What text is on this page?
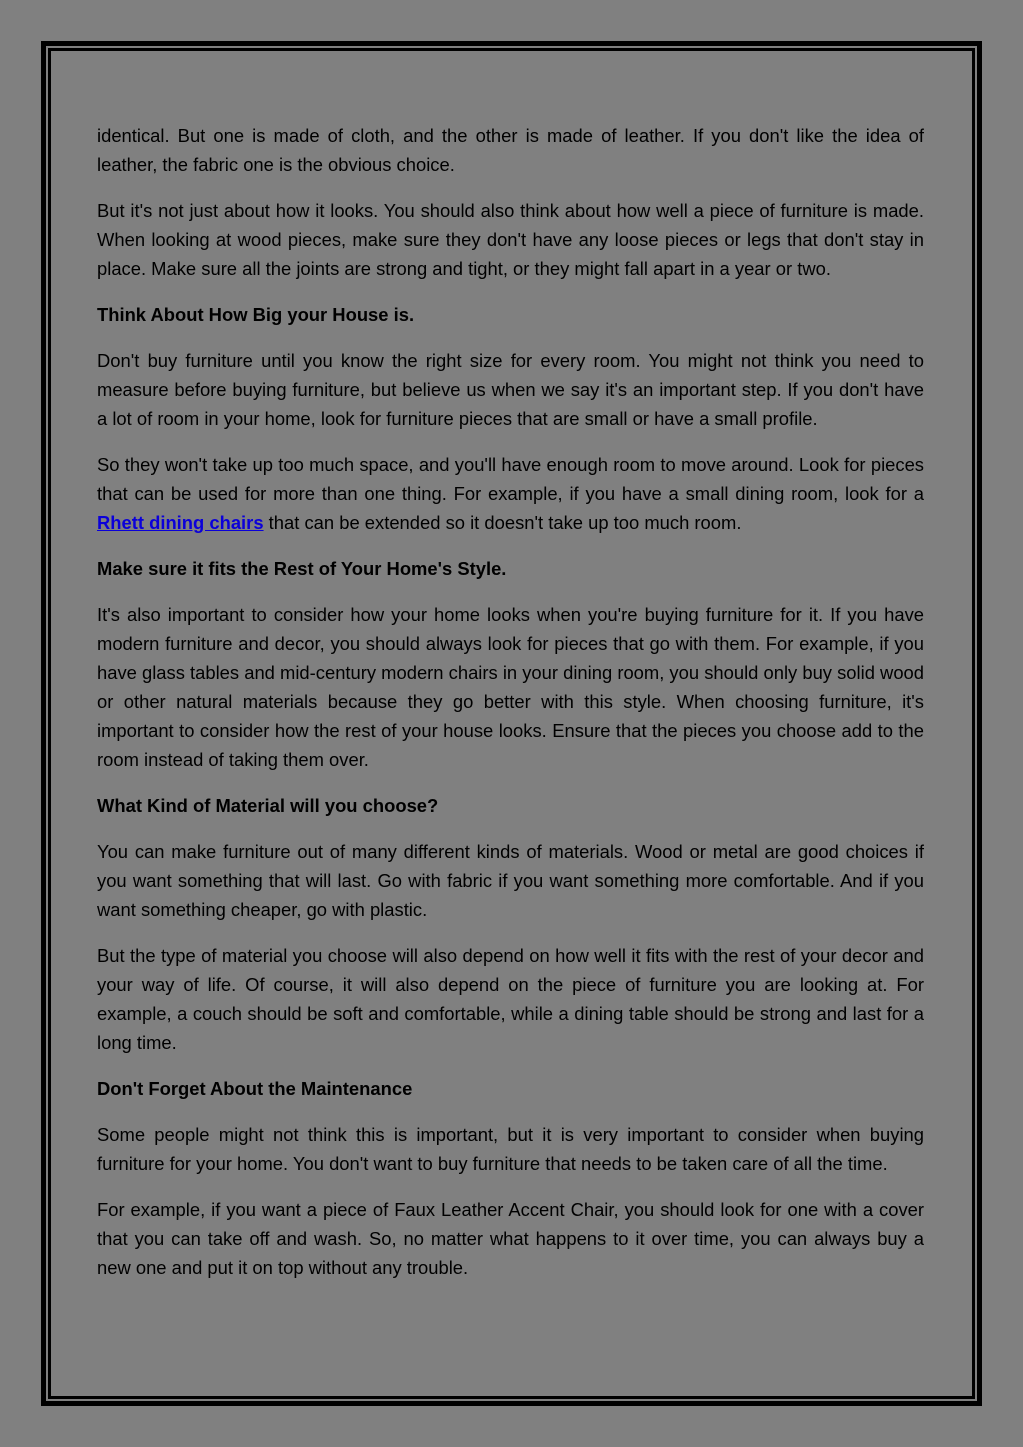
identical. But one is made of cloth, and the other is made of leather. If you don't like the idea of leather, the fabric one is the obvious choice.

But it's not just about how it looks. You should also think about how well a piece of furniture is made. When looking at wood pieces, make sure they don't have any loose pieces or legs that don't stay in place. Make sure all the joints are strong and tight, or they might fall apart in a year or two.

Think About How Big your House is.

Don't buy furniture until you know the right size for every room. You might not think you need to measure before buying furniture, but believe us when we say it's an important step. If you don't have a lot of room in your home, look for furniture pieces that are small or have a small profile.

So they won't take up too much space, and you'll have enough room to move around. Look for pieces that can be used for more than one thing. For example, if you have a small dining room, look for a Rhett dining chairs that can be extended so it doesn't take up too much room.

Make sure it fits the Rest of Your Home's Style.

It's also important to consider how your home looks when you're buying furniture for it. If you have modern furniture and decor, you should always look for pieces that go with them. For example, if you have glass tables and mid-century modern chairs in your dining room, you should only buy solid wood or other natural materials because they go better with this style. When choosing furniture, it's important to consider how the rest of your house looks. Ensure that the pieces you choose add to the room instead of taking them over.

What Kind of Material will you choose?

You can make furniture out of many different kinds of materials. Wood or metal are good choices if you want something that will last. Go with fabric if you want something more comfortable. And if you want something cheaper, go with plastic.

But the type of material you choose will also depend on how well it fits with the rest of your decor and your way of life. Of course, it will also depend on the piece of furniture you are looking at. For example, a couch should be soft and comfortable, while a dining table should be strong and last for a long time.

Don't Forget About the Maintenance

Some people might not think this is important, but it is very important to consider when buying furniture for your home. You don't want to buy furniture that needs to be taken care of all the time.

For example, if you want a piece of Faux Leather Accent Chair, you should look for one with a cover that you can take off and wash. So, no matter what happens to it over time, you can always buy a new one and put it on top without any trouble.
